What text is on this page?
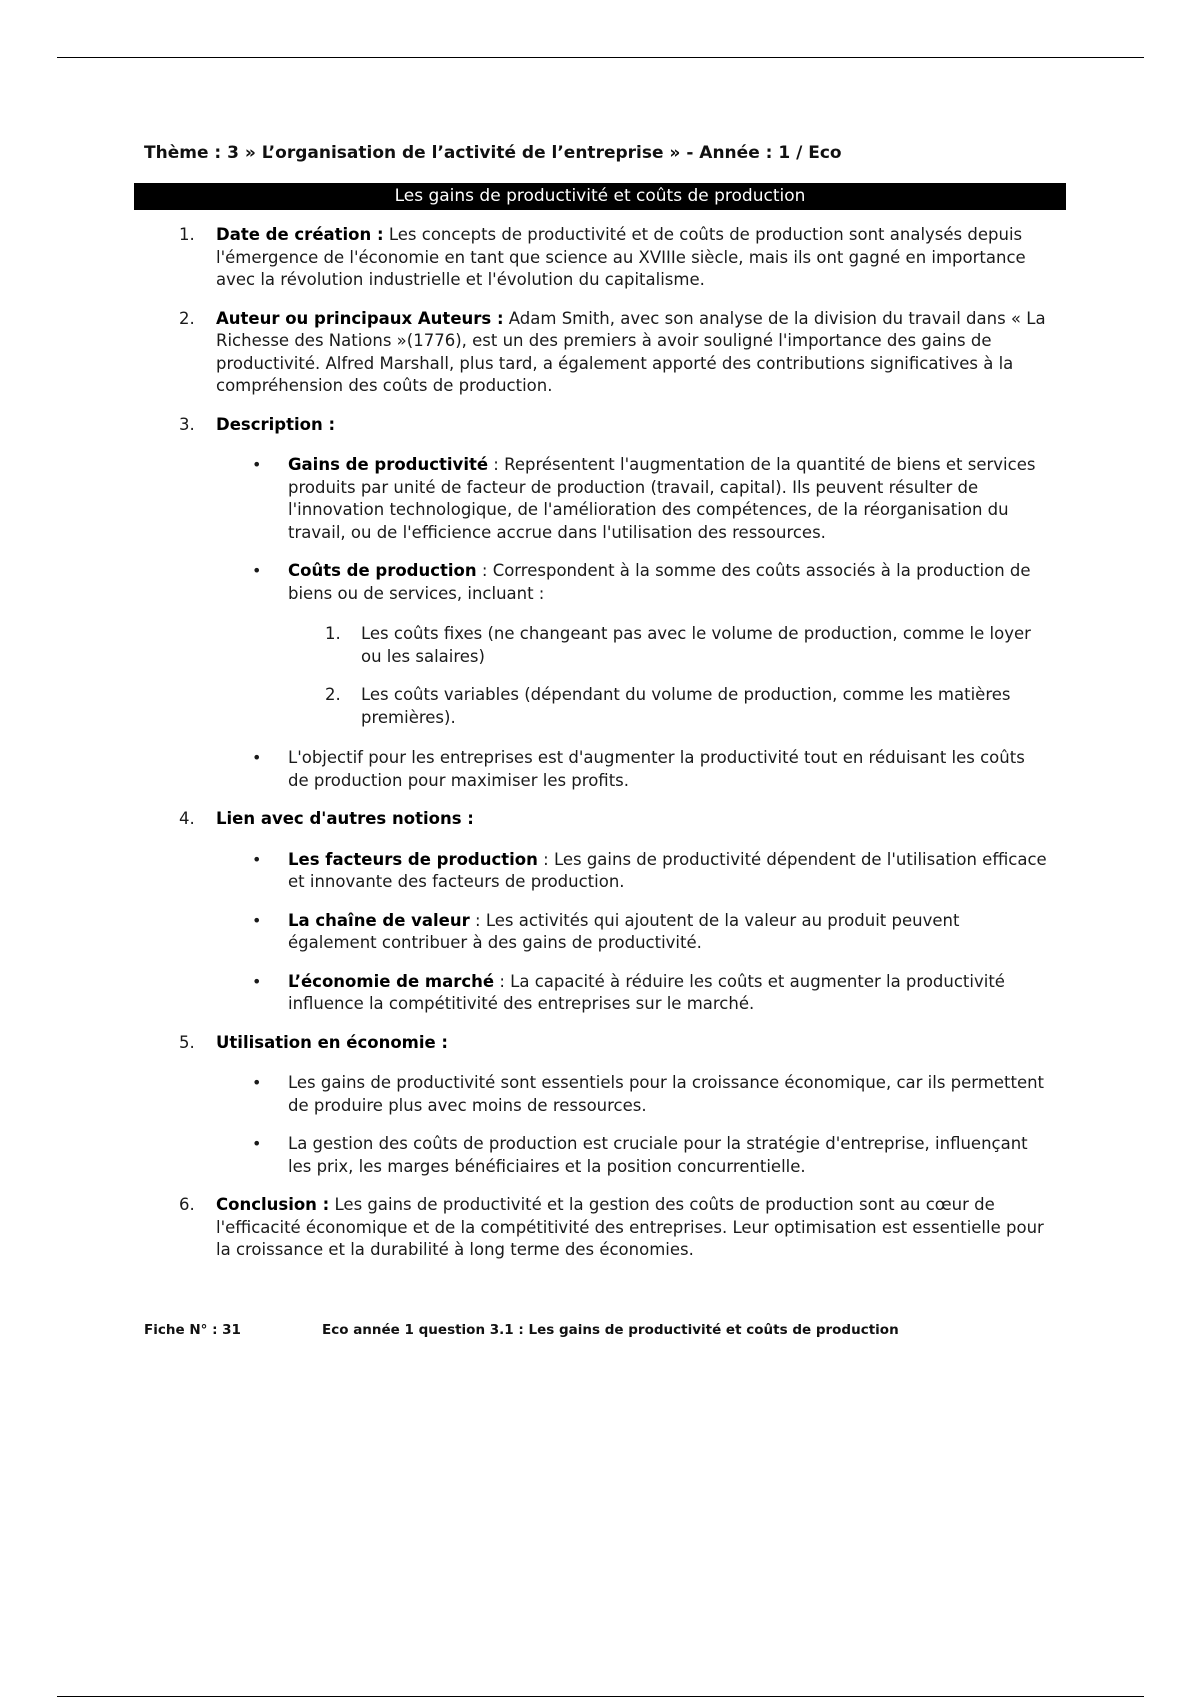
Thème : 3 » L’organisation de l’activité de l’entreprise » - Année : 1 / Eco
Les gains de productivité et coûts de production
1. Date de création : Les concepts de productivité et de coûts de production sont analysés depuis l'émergence de l'économie en tant que science au XVIIIe siècle, mais ils ont gagné en importance avec la révolution industrielle et l'évolution du capitalisme.
2. Auteur ou principaux Auteurs : Adam Smith, avec son analyse de la division du travail dans « La Richesse des Nations »(1776), est un des premiers à avoir souligné l'importance des gains de productivité. Alfred Marshall, plus tard, a également apporté des contributions significatives à la compréhension des coûts de production.
3. Description :
• Gains de productivité : Représentent l'augmentation de la quantité de biens et services produits par unité de facteur de production (travail, capital). Ils peuvent résulter de l'innovation technologique, de l'amélioration des compétences, de la réorganisation du travail, ou de l'efficience accrue dans l'utilisation des ressources.
• Coûts de production : Correspondent à la somme des coûts associés à la production de biens ou de services, incluant :
1. Les coûts fixes (ne changeant pas avec le volume de production, comme le loyer ou les salaires)
2. Les coûts variables (dépendant du volume de production, comme les matières premières).
• L'objectif pour les entreprises est d'augmenter la productivité tout en réduisant les coûts de production pour maximiser les profits.
4. Lien avec d'autres notions :
• Les facteurs de production : Les gains de productivité dépendent de l'utilisation efficace et innovante des facteurs de production.
• La chaîne de valeur : Les activités qui ajoutent de la valeur au produit peuvent également contribuer à des gains de productivité.
• L’économie de marché : La capacité à réduire les coûts et augmenter la productivité influence la compétitivité des entreprises sur le marché.
5. Utilisation en économie :
• Les gains de productivité sont essentiels pour la croissance économique, car ils permettent de produire plus avec moins de ressources.
• La gestion des coûts de production est cruciale pour la stratégie d'entreprise, influençant les prix, les marges bénéficiaires et la position concurrentielle.
6. Conclusion : Les gains de productivité et la gestion des coûts de production sont au cœur de l'efficacité économique et de la compétitivité des entreprises. Leur optimisation est essentielle pour la croissance et la durabilité à long terme des économies.
Fiche N° : 31	Eco année 1 question 3.1 : Les gains de productivité et coûts de production
